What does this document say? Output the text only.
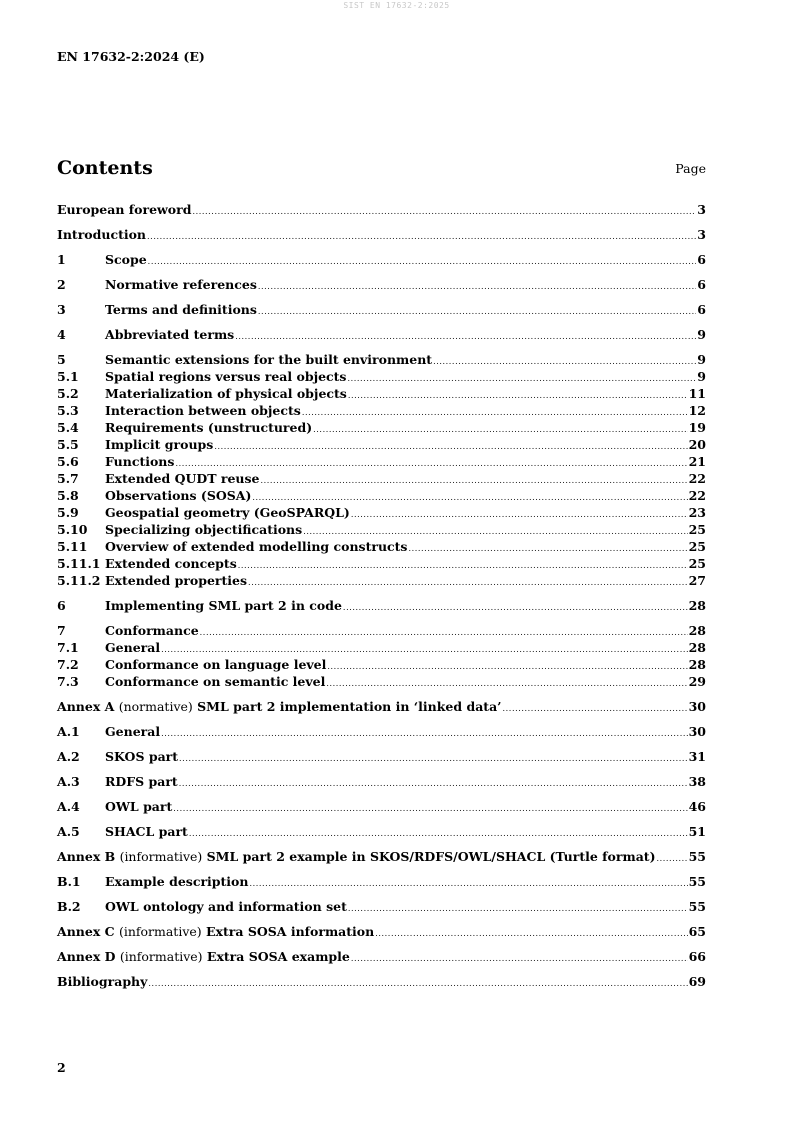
SIST EN 17632-2:2025
EN 17632-2:2024 (E)
Contents	Page
European foreword .....	3
Introduction .....	3
1	Scope .....	6
2	Normative references .....	6
3	Terms and definitions .....	6
4	Abbreviated terms .....	9
5	Semantic extensions for the built environment .....	9
5.1	Spatial regions versus real objects .....	9
5.2	Materialization of physical objects .....	11
5.3	Interaction between objects .....	12
5.4	Requirements (unstructured) .....	19
5.5	Implicit groups .....	20
5.6	Functions .....	21
5.7	Extended QUDT reuse .....	22
5.8	Observations (SOSA) .....	22
5.9	Geospatial geometry (GeoSPARQL) .....	23
5.10	Specializing objectifications .....	25
5.11	Overview of extended modelling constructs .....	25
5.11.1 Extended concepts .....	25
5.11.2 Extended properties .....	27
6	Implementing SML part 2 in code .....	28
7	Conformance .....	28
7.1	General .....	28
7.2	Conformance on language level .....	28
7.3	Conformance on semantic level .....	29
Annex A (normative) SML part 2 implementation in ‘linked data’ .....	30
A.1	General .....	30
A.2	SKOS part .....	31
A.3	RDFS part .....	38
A.4	OWL part .....	46
A.5	SHACL part .....	51
Annex B (informative) SML part 2 example in SKOS/RDFS/OWL/SHACL (Turtle format) .....	55
B.1	Example description .....	55
B.2	OWL ontology and information set .....	55
Annex C (informative) Extra SOSA information .....	65
Annex D (informative) Extra SOSA example .....	66
Bibliography .....	69
2
